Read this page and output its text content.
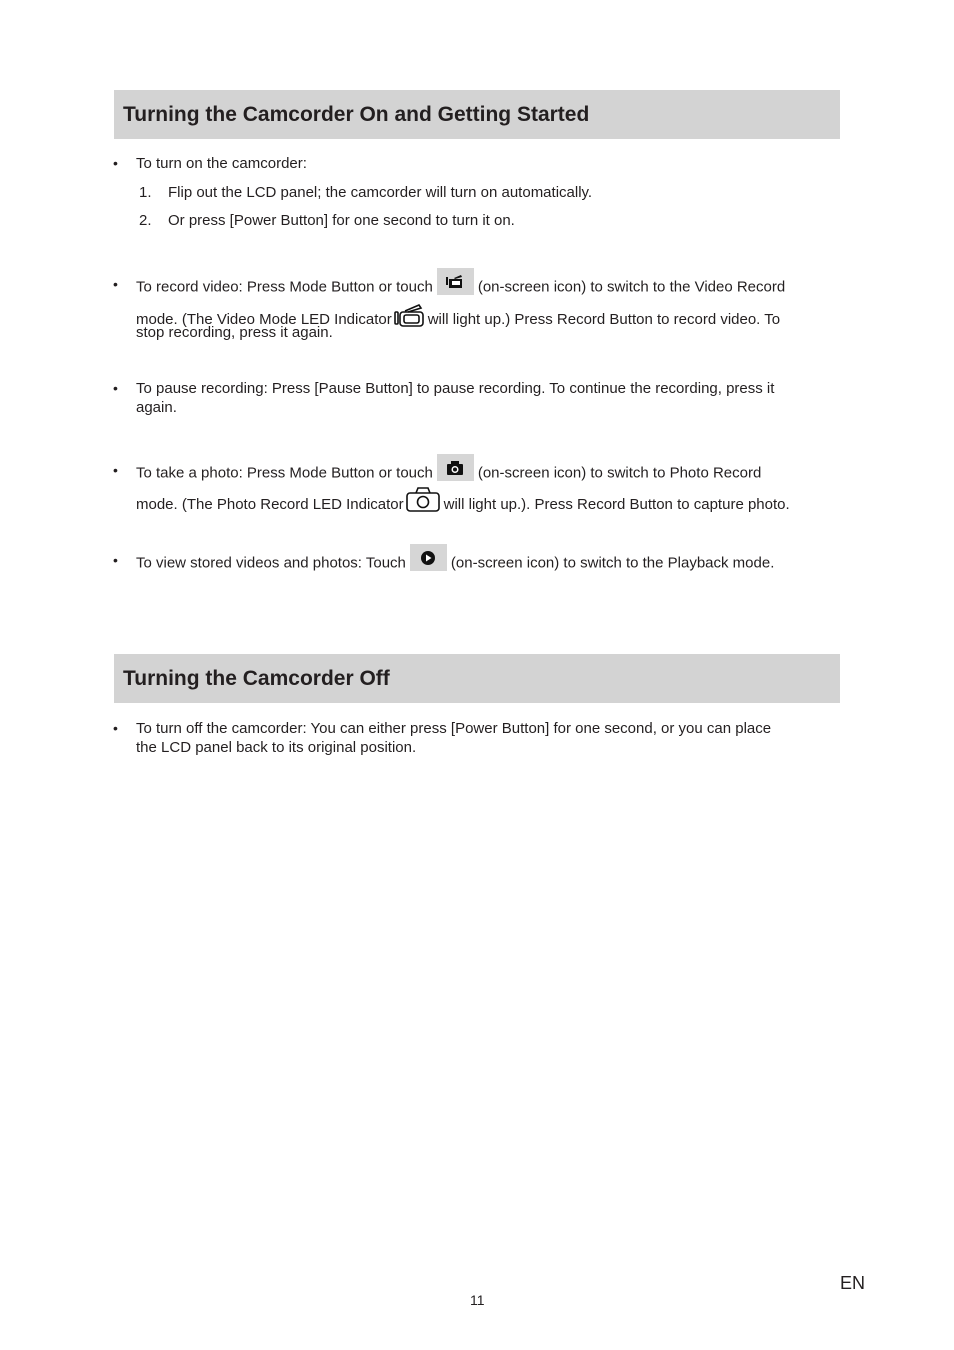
Turning the Camcorder On and Getting Started
• To turn on the camcorder:
1. Flip out the LCD panel; the camcorder will turn on automatically.
2. Or press [Power Button] for one second to turn it on.
• To record video: Press Mode Button or touch	(on-screen icon) to switch to the Video Record
mode. (The Video Mode LED Indicator will light up.) Press Record Button to record video. To
stop recording, press it again.
• To pause recording: Press [Pause Button] to pause recording. To continue the recording, press it
again.
• To take a photo: Press Mode Button or touch	(on-screen icon) to switch to Photo Record
mode. (The Photo Record LED Indicator	will light up.). Press Record Button to capture photo.
• To view stored videos and photos: Touch	(on-screen icon) to switch to the Playback mode.
Turning the Camcorder Off
• To turn off the camcorder: You can either press [Power Button] for one second, or you can place
the LCD panel back to its original position.
EN
11
